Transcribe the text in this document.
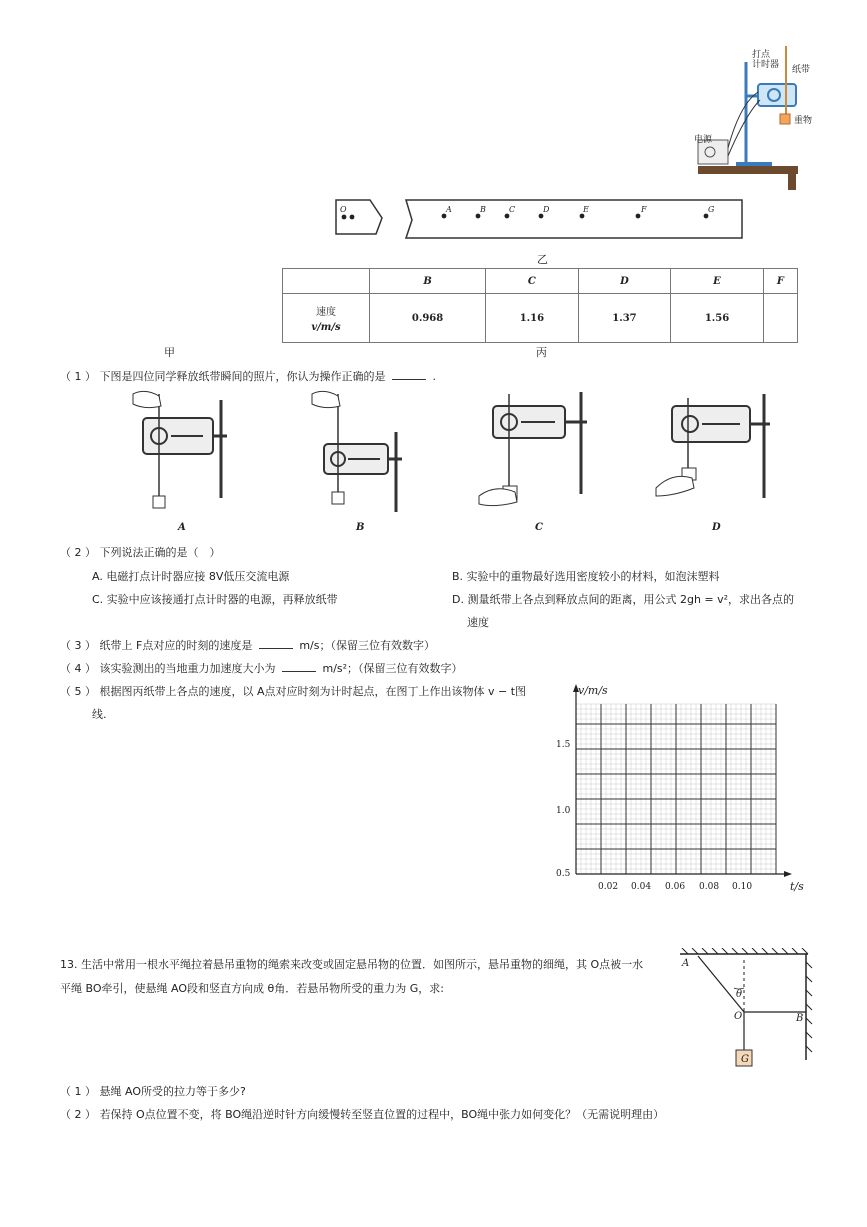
打点
计时器 纸带
重物
电源
O	A	B	C	D	E	F	G
乙
	B	C	D	E	F

速度
v/m/s	0.968	1.16	1.37	1.56	
甲	丙
（ 1 ） 下图是四位同学释放纸带瞬间的照片，你认为操作正确的是	.
A	B	C	D
（ 2 ） 下列说法正确的是（　）
A. 电磁打点计时器应接 8V低压交流电源	B. 实验中的重物最好选用密度较小的材料，如泡沫塑料
C. 实验中应该接通打点计时器的电源，再释放纸带	D. 测量纸带上各点到释放点间的距离，用公式 2gh = v²，求出各点的
速度
（ 3 ） 纸带上 F点对应的时刻的速度是	m/s；（保留三位有效数字）
（ 4 ） 该实验测出的当地重力加速度大小为	m/s²；（保留三位有效数字）
（ 5 ） 根据图丙纸带上各点的速度，以 A点对应时刻为计时起点，在图丁上作出该物体 v − t图
线.
v/m/s
t/s
1.5
1.0
0.5
0.02 0.04 0.06 0.08 0.10
13. 生活中常用一根水平绳拉着悬吊重物的绳索来改变或固定悬吊物的位置．如图所示，悬吊重物的细绳，其 O点被一水
平绳 BO牵引，使悬绳 AO段和竖直方向成 θ角．若悬吊物所受的重力为 G，求:
A
θ
O	B
G
（ 1 ） 悬绳 AO所受的拉力等于多少?
（ 2 ） 若保持 O点位置不变，将 BO绳沿逆时针方向缓慢转至竖直位置的过程中，BO绳中张力如何变化？（无需说明理由）
